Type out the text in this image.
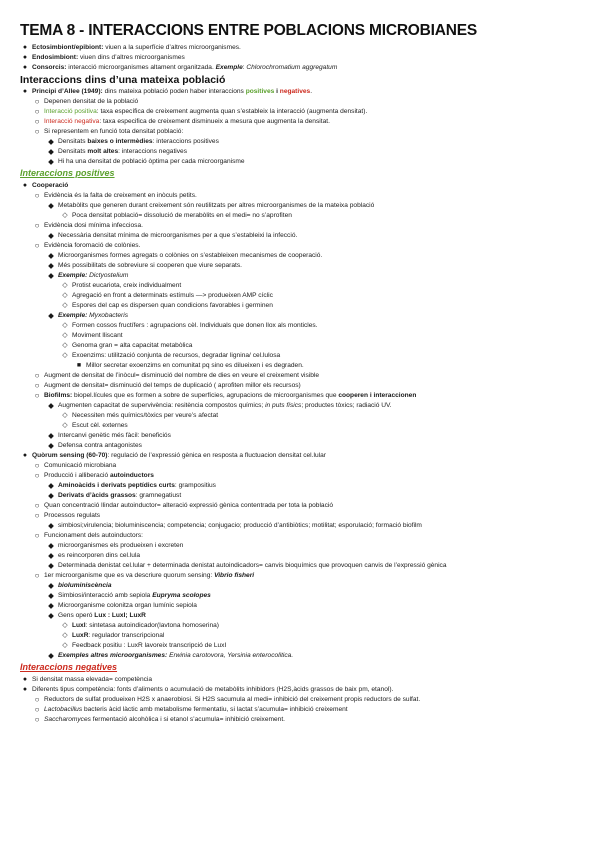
TEMA 8 - INTERACCIONS ENTRE POBLACIONS MICROBIANES
● Ectosimbiont/epibiont: viuen a la superfície d’altres microorganismes.
● Endosimbiont: viuen dins d’altres microorganismes
● Consorcis: interacció microorganismes altament organitzada. Exemple: Chlorochromatium aggregatum
Interaccions dins d’una mateixa població
● Principi d’Allee (1949): dins mateixa població poden haber interaccions positives i negatives.
○ Depenen densitat de la població
○ Interacció positiva: taxa específica de creixement augmenta quan s’estableix la interacció (augmenta densitat).
○ Interacció negativa: taxa especifica de creixement disminueix a mesura que augmenta la densitat.
○ Si representem en funció tota densitat població:
◆ Densitats baixes o intermèdies: interaccions positives
◆ Densitats molt altes: interaccions negatives
◆ Hi ha una densitat de població òptima per cada microorganisme
Interaccions positives
● Cooperació
○ Evidència és la falta de creixement en inòculs petits.
◆ Metabòlits que generen durant creixement són reutilitzats per altres microorganismes de la mateixa població
◇ Poca densitat població= dissolució de merabòlits en el medi= no s’aprofiten
○ Evidència dosi mínima infecciosa.
◆ Necessària densitat mínima de microorganismes per a que s’estableixi la infecció.
○ Evidència foromació de colònies.
◆ Microorganismes formes agregats o colònies on s’estableixen mecanismes de cooperació.
◆ Més possibilitats de sobreviure si cooperen que viure separats.
◆ Exemple: Dictyostelium
◇ Protist eucariota, creix individualment
◇ Agregació en front a determinats estímuls —> produeixen AMP cíclic
◇ Espores del cap es dispersen quan condicions favorables i germinen
◆ Exemple: Myxobacteris
◇ Formen cossos fructífers : agrupacions cèl. Individuals que donen llox als monticles.
◇ Moviment lliscant
◇ Genoma gran = alta capacitat metabòlica
◇ Exoenzims: utilització conjunta de recursos, degradar lignina/ cel.lulosa
■ Millor secretar exoenzims en comunitat pq sino es dilueixen i es degraden.
○ Augment de densitat de l’inòcul= disminució del nombre de dies en veure el creixement visible
○ Augment de densitat= disminució del temps de duplicació ( aprofiten millor els recursos)
○ Biofilms: biopel.lícules que es formen a sobre de superfícies, agrupacions de microorganismes que cooperen i interaccionen
◆ Augmenten capacitat de supervivència: resitència compostos químics; in puts físics; productes tòxics; radiació UV.
◇ Necessiten més químics/tòxics per veure’s afectat
◇ Escut cèl. externes
◆ Intercanvi genètic més fàcil: beneficiós
◆ Defensa contra antagonistes
● Quòrum sensing (60-70): regulació de l’expressió gènica en resposta a fluctuacion densitat cel.lular
○ Comunicació microbiana
○ Producció i alliberació autoinductors
◆ Aminoàcids i derivats peptídics curts: grampositius
◆ Derivats d’àcids grassos: gramnegatiust
○ Quan concentració llindar autoinductor= alteració expressió gènica contentrada per tota la població
○ Processos regulats
◆ simbiosi;virulencia; bioluminiscencia; competencia; conjugacio; producció d’antibiòtics; motilitat; esporulació; formació biofilm
○ Funcionament dels autoinductors:
◆ microorganismes els produeixen i excreten
◆ es reincorporen dins cel.lula
◆ Determinada denistat cel.lular + determinada denistat autoindicadors= canvis bioquímics que provoquen canvis de l’expressió gènica
○ 1er microorganisme que es va descriure quorum sensing: Vibrio fisheri
◆ bioluminiscència
◆ Simbiosi/interacció amb sepiola Eupryma scolopes
◆ Microorganisme colonitza organ lumínic sepiola
◆ Gens operó Lux : LuxI; LuxR
◇ LuxI: sintetasa autoindicador(lavtona homoserina)
◇ LuxR: regulador transcripcional
◇ Feedback positiu : LuxR lavoreix transcripció de LuxI
◆ Exemples altres microorganismes: Erwinia carotovora, Yersinia enterocolitica.
Interaccions negatives
● Si densitat massa elevada= competència
● Diferents tipus competència: fonts d’aliments o acumulació de metabòlits inhibidors (H2S,àcids grassos de baix pm, etanol).
○ Reductors de sulfat produeixen H2S x anaerobiosi. Si H2S sacumula al medi= inhibició del creixement propis reductors de sulfat.
○ Lactobacillus bacteris àcid làctic amb metabolisme fermentatiu, si lactat s’acumula= inhibició creixement
○ Saccharomyces fermentació alcohòlica i si etanol s’acumula= inhibició creixement.
